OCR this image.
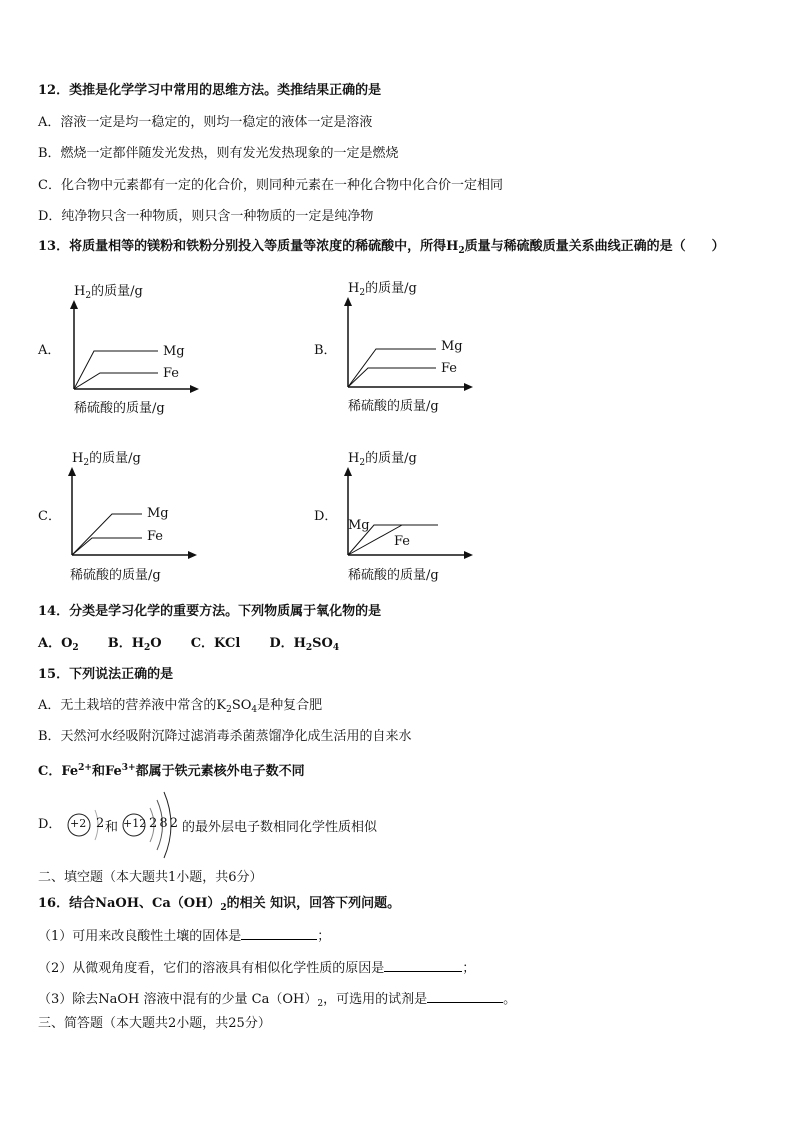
12．类推是化学学习中常用的思维方法。类推结果正确的是
A．溶液一定是均一稳定的，则均一稳定的液体一定是溶液
B．燃烧一定都伴随发光发热，则有发光发热现象的一定是燃烧
C．化合物中元素都有一定的化合价，则同种元素在一种化合物中化合价一定相同
D．纯净物只含一种物质，则只含一种物质的一定是纯净物
13．将质量相等的镁粉和铁粉分别投入等质量等浓度的稀硫酸中，所得$H_2$质量与稀硫酸质量关系曲线正确的是（　　）
A．	B．
C．	D．
$H_2$的质量/g
Mg
Fe
稀硫酸的质量/g
$H_2$的质量/g
Mg
Fe
稀硫酸的质量/g
$H_2$的质量/g
Mg
Fe
稀硫酸的质量/g
$H_2$的质量/g
Mg
Fe
稀硫酸的质量/g
14．分类是学习化学的重要方法。下列物质属于氧化物的是
A．$O_2$ B．$H_2O$ C．KCl D．$H_2SO_4$
15．下列说法正确的是
A．无土栽培的营养液中常含的$K_2SO_4$是种复合肥
B．天然河水经吸附沉降过滤消毒杀菌蒸馏净化成生活用的自来水
C．$Fe^{2+}$和$Fe^{3+}$都属于铁元素核外电子数不同
D． +2 2 和 +12 2 8 2 的最外层电子数相同化学性质相似
二、填空题（本大题共1小题，共6分）
16．结合NaOH、$Ca(OH)_2$的相关 知识，回答下列问题。
（1）可用来改良酸性土壤的固体是	；
（2）从微观角度看，它们的溶液具有相似化学性质的原因是	；
（3）除去NaOH 溶液中混有的少量 $Ca(OH)_2$，可选用的试剂是	。
三、简答题（本大题共2小题，共25分）
